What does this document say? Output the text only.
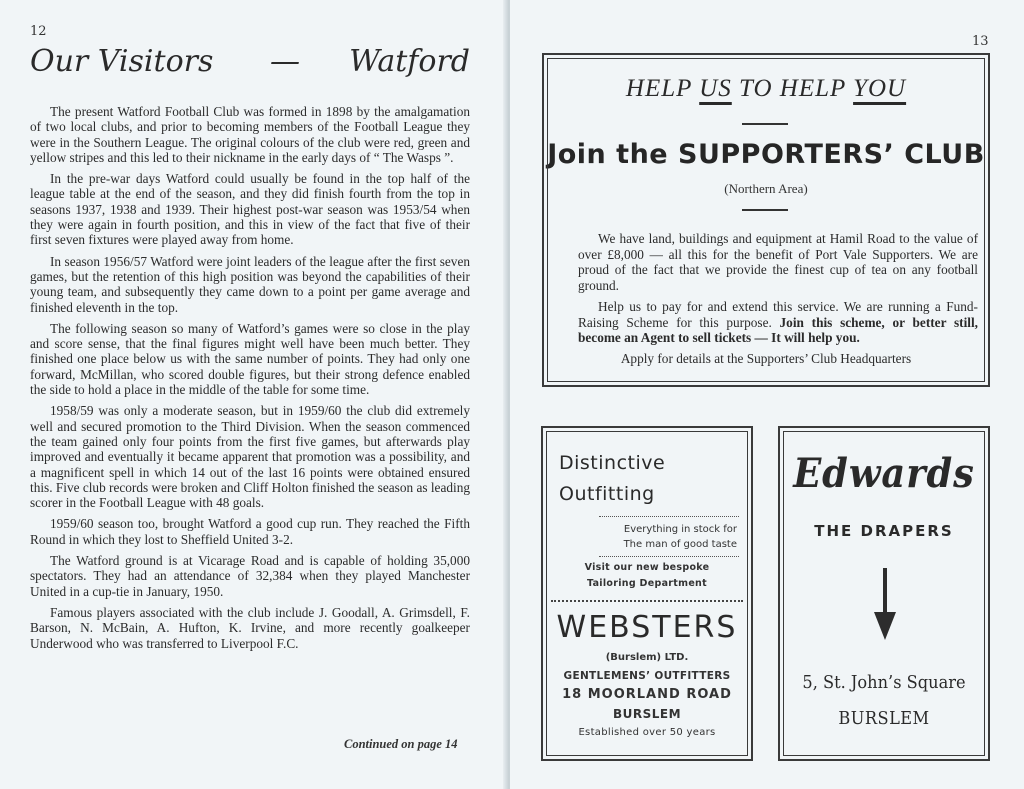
12
Our Visitors — Watford

The present Watford Football Club was formed in 1898 by the amalgamation of two local clubs, and prior to becoming members of the Football League they were in the Southern League. The original colours of the club were red, green and yellow stripes and this led to their nickname in the early days of “ The Wasps ”.

In the pre-war days Watford could usually be found in the top half of the league table at the end of the season, and they did finish fourth from the top in seasons 1937, 1938 and 1939. Their highest post-war season was 1953/54 when they were again in fourth position, and this in view of the fact that five of their first seven fixtures were played away from home.

In season 1956/57 Watford were joint leaders of the league after the first seven games, but the retention of this high position was beyond the capabilities of their young team, and subsequently they came down to a point per game average and finished eleventh in the top.

The following season so many of Watford’s games were so close in the play and score sense, that the final figures might well have been much better. They finished one place below us with the same number of points. They had only one forward, McMillan, who scored double figures, but their strong defence enabled the side to hold a place in the middle of the table for some time.

1958/59 was only a moderate season, but in 1959/60 the club did extremely well and secured promotion to the Third Division. When the season commenced the team gained only four points from the first five games, but afterwards play improved and eventually it became apparent that promotion was a possibility, and a magnificent spell in which 14 out of the last 16 points were obtained ensured this. Five club records were broken and Cliff Holton finished the season as leading scorer in the Football League with 48 goals.

1959/60 season too, brought Watford a good cup run. They reached the Fifth Round in which they lost to Sheffield United 3-2.

The Watford ground is at Vicarage Road and is capable of holding 35,000 spectators. They had an attendance of 32,384 when they played Manchester United in a cup-tie in January, 1950.

Famous players associated with the club include J. Goodall, A. Grimsdell, F. Barson, N. McBain, A. Hufton, K. Irvine, and more recently goalkeeper Underwood who was transferred to Liverpool F.C.

Continued on page 14
13
HELP US TO HELP YOU
Join the SUPPORTERS’ CLUB
(Northern Area)
We have land, buildings and equipment at Hamil Road to the value of over £8,000 — all this for the benefit of Port Vale Supporters. We are proud of the fact that we provide the finest cup of tea on any football ground.
Help us to pay for and extend this service. We are running a Fund-Raising Scheme for this purpose. Join this scheme, or better still, become an Agent to sell tickets — It will help you.
Apply for details at the Supporters’ Club Headquarters
Distinctive
Outfitting
Everything in stock for
The man of good taste
Visit our new bespoke
Tailoring Department
WEBSTERS
(Burslem) LTD.
GENTLEMENS’ OUTFITTERS
18 MOORLAND ROAD
BURSLEM
Established over 50 years
Edwards
THE DRAPERS
5, St. John’s Square
BURSLEM
